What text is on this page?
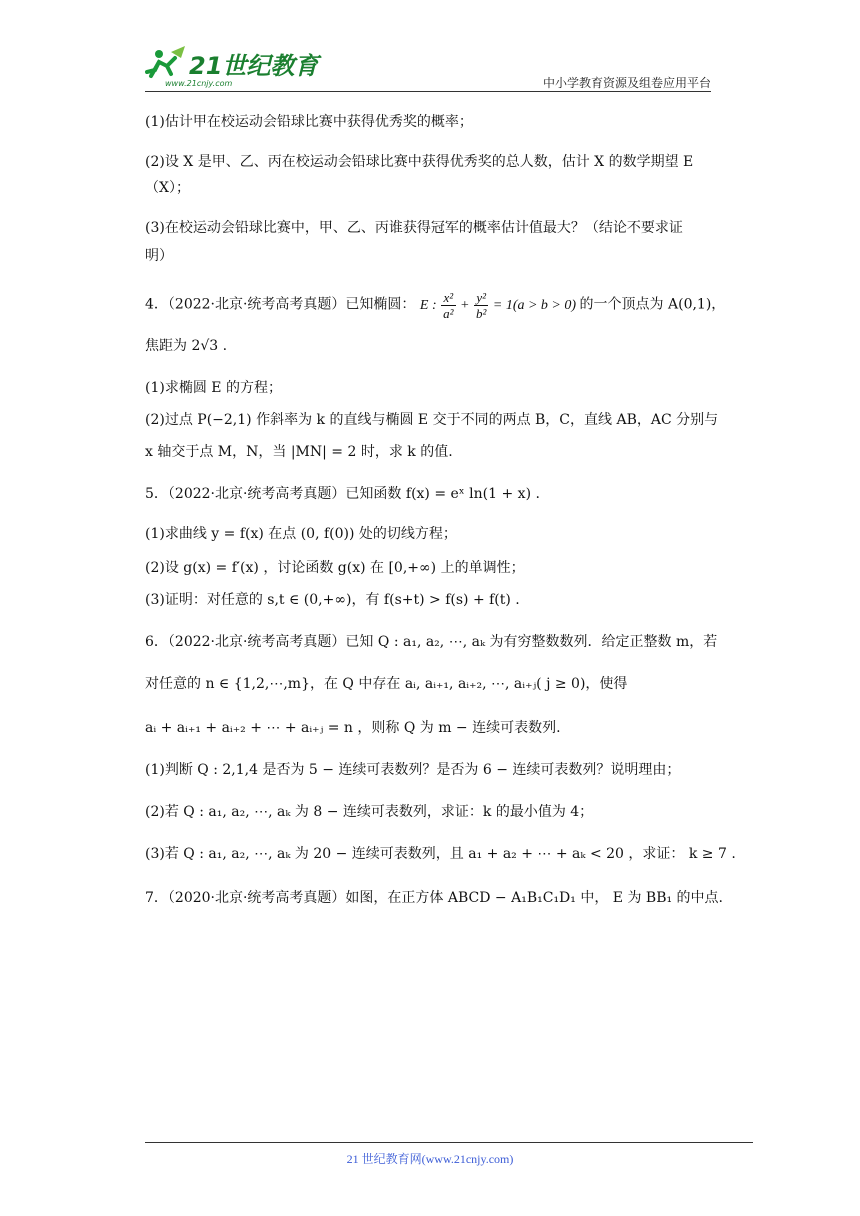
21世纪教育
www.21cnjy.com	中小学教育资源及组卷应用平台
(1)估计甲在校运动会铅球比赛中获得优秀奖的概率；
(2)设 X 是甲、乙、丙在校运动会铅球比赛中获得优秀奖的总人数，估计 X 的数学期望 E
（X）；
(3)在校运动会铅球比赛中，甲、乙、丙谁获得冠军的概率估计值最大？（结论不要求证
明）
4．（2022·北京·统考高考真题）已知椭圆： E : $\frac{\text{x²}}{\text{a²}} + \frac{\text{y²}}{\text{b²}} = 1(a > b > 0)$ 的一个顶点为 A(0,1)，
焦距为 2√3 .
(1)求椭圆 E 的方程；
(2)过点 P(−2,1) 作斜率为 k 的直线与椭圆 E 交于不同的两点 B，C，直线 AB，AC 分别与
x 轴交于点 M，N，当 |MN| = 2 时，求 k 的值.
5．（2022·北京·统考高考真题）已知函数 f(x) = eˣ ln(1 + x) .
(1)求曲线 y = f(x) 在点 (0, f(0)) 处的切线方程；
(2)设 g(x) = f′(x) ，讨论函数 g(x) 在 [0,+∞) 上的单调性；
(3)证明：对任意的 s,t ∈ (0,+∞)，有 f(s+t) > f(s) + f(t) .
6．（2022·北京·统考高考真题）已知 Q : a₁, a₂, ⋯, aₖ 为有穷整数数列．给定正整数 m，若
对任意的 n ∈ {1,2,⋯,m}，在 Q 中存在 aᵢ, aᵢ₊₁, aᵢ₊₂, ⋯, aᵢ₊ⱼ( j ≥ 0)，使得
aᵢ + aᵢ₊₁ + aᵢ₊₂ + ⋯ + aᵢ₊ⱼ = n ，则称 Q 为 m − 连续可表数列.
(1)判断 Q : 2,1,4 是否为 5 − 连续可表数列？是否为 6 − 连续可表数列？说明理由；
(2)若 Q : a₁, a₂, ⋯, aₖ 为 8 − 连续可表数列，求证：k 的最小值为 4；
(3)若 Q : a₁, a₂, ⋯, aₖ 为 20 − 连续可表数列，且 a₁ + a₂ + ⋯ + aₖ < 20 ，求证： k ≥ 7 .
7．（2020·北京·统考高考真题）如图，在正方体 ABCD − A₁B₁C₁D₁ 中， E 为 BB₁ 的中点.
21 世纪教育网(www.21cnjy.com)
